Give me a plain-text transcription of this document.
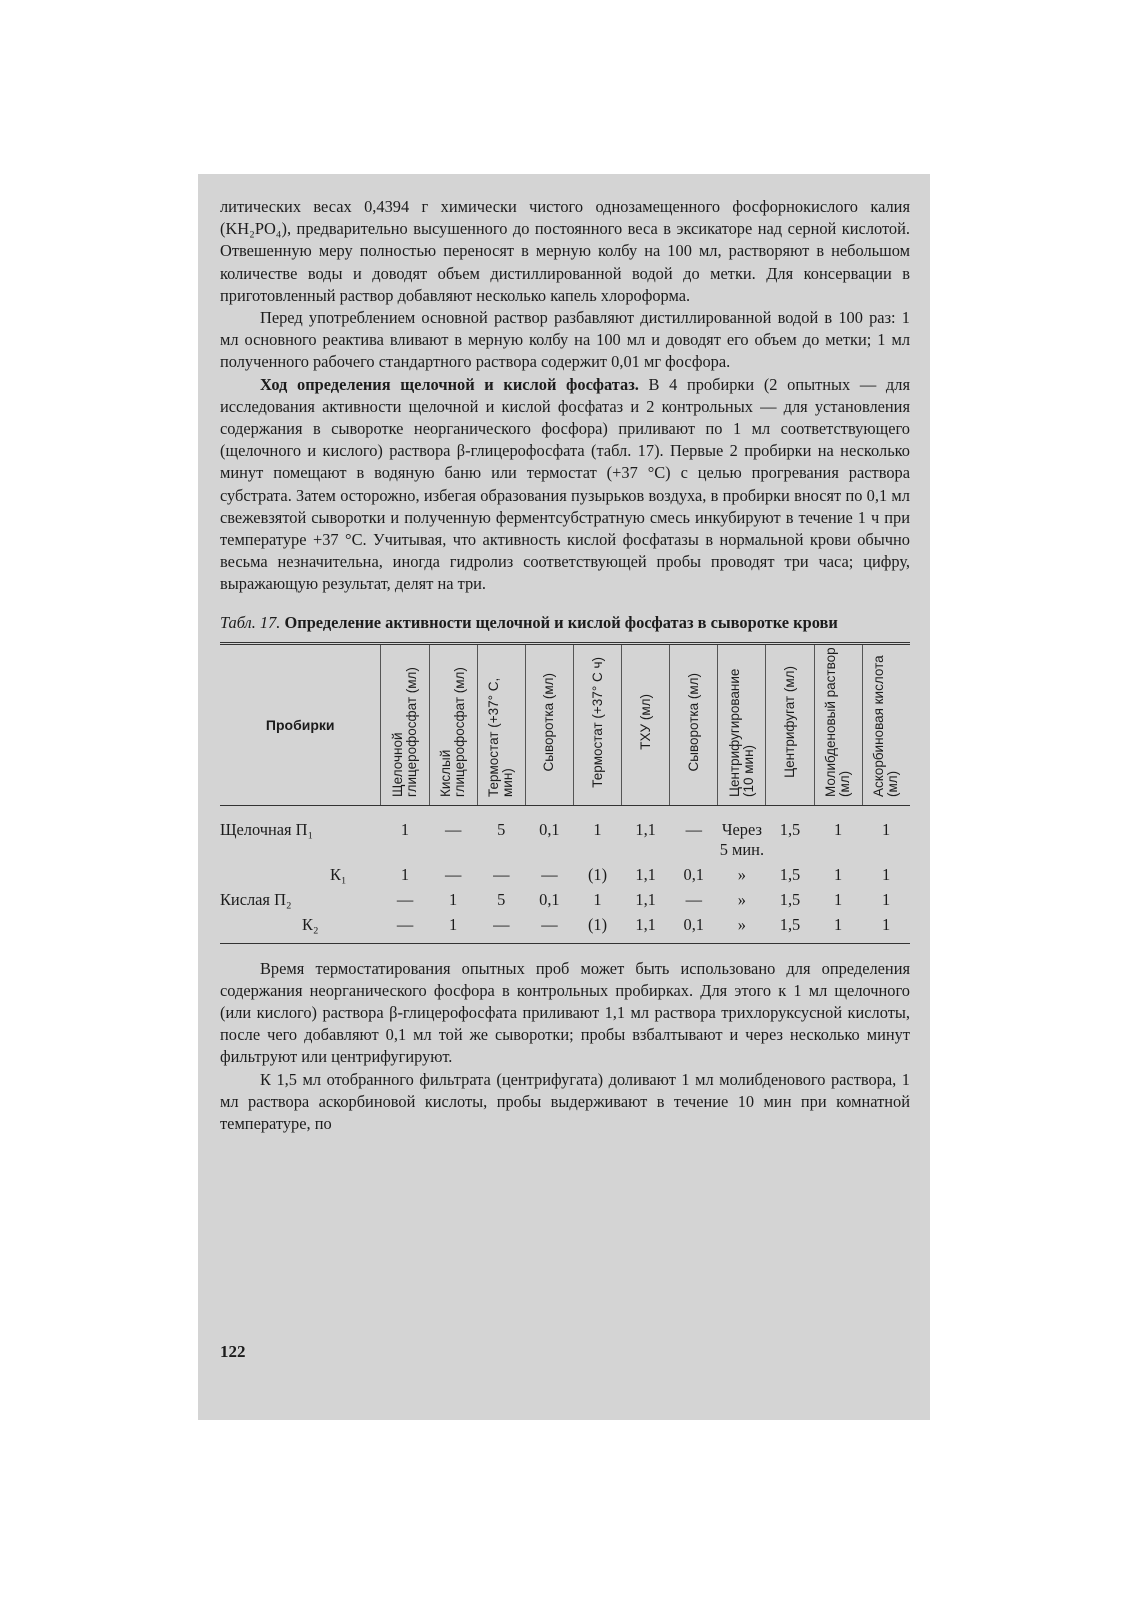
литических весах 0,4394 г химически чистого однозамещенного фосфорнокислого калия (KH₂PO₄), предварительно высушенного до постоянного веса в эксикаторе над серной кислотой. Отвешенную меру полностью переносят в мерную колбу на 100 мл, растворяют в небольшом количестве воды и доводят объем дистиллированной водой до метки. Для консервации в приготовленный раствор добавляют несколько капель хлороформа.

Перед употреблением основной раствор разбавляют дистиллированной водой в 100 раз: 1 мл основного реактива вливают в мерную колбу на 100 мл и доводят его объем до метки; 1 мл полученного рабочего стандартного раствора содержит 0,01 мг фосфора.

Ход определения щелочной и кислой фосфатаз. В 4 пробирки (2 опытных — для исследования активности щелочной и кислой фосфатаз и 2 контрольных — для установления содержания в сыворотке неорганического фосфора) приливают по 1 мл соответствующего (щелочного и кислого) раствора β-глицерофосфата (табл. 17). Первые 2 пробирки на несколько минут помещают в водяную баню или термостат (+37 °С) с целью прогревания раствора субстрата. Затем осторожно, избегая образования пузырьков воздуха, в пробирки вносят по 0,1 мл свежевзятой сыворотки и полученную ферментсубстратную смесь инкубируют в течение 1 ч при температуре +37 °С. Учитывая, что активность кислой фосфатазы в нормальной крови обычно весьма незначительна, иногда гидролиз соответствующей пробы проводят три часа; цифру, выражающую результат, делят на три.

Табл. 17. Определение активности щелочной и кислой фосфатаз в сыворотке крови
Пробирки	Щелочной глицерофосфат (мл)	Кислый глицерофосфат (мл)	Термостат (+37° С, мин)	Сыворотка (мл)	Термостат (+37° С ч)	ТХУ (мл)	Сыворотка (мл)	Центрифугирование (10 мин)	Центрифугат (мл)	Молибденовый раствор (мл)	Аскорбиновая кислота (мл)
Щелочная П₁	1	—	5	0,1	1	1,1	—	Через 5 мин.	1,5	1	1
К₁	1	—	—	—	(1)	1,1	0,1	»	1,5	1	1
Кислая П₂	—	1	5	0,1	1	1,1	—	»	1,5	1	1
К₂	—	1	—	—	(1)	1,1	0,1	»	1,5	1	1

Время термостатирования опытных проб может быть использовано для определения содержания неорганического фосфора в контрольных пробирках. Для этого к 1 мл щелочного (или кислого) раствора β-глицерофосфата приливают 1,1 мл раствора трихлоруксусной кислоты, после чего добавляют 0,1 мл той же сыворотки; пробы взбалтывают и через несколько минут фильтруют или центрифугируют.

К 1,5 мл отобранного фильтрата (центрифугата) доливают 1 мл молибденового раствора, 1 мл раствора аскорбиновой кислоты, пробы выдерживают в течение 10 мин при комнатной температуре, по

122
